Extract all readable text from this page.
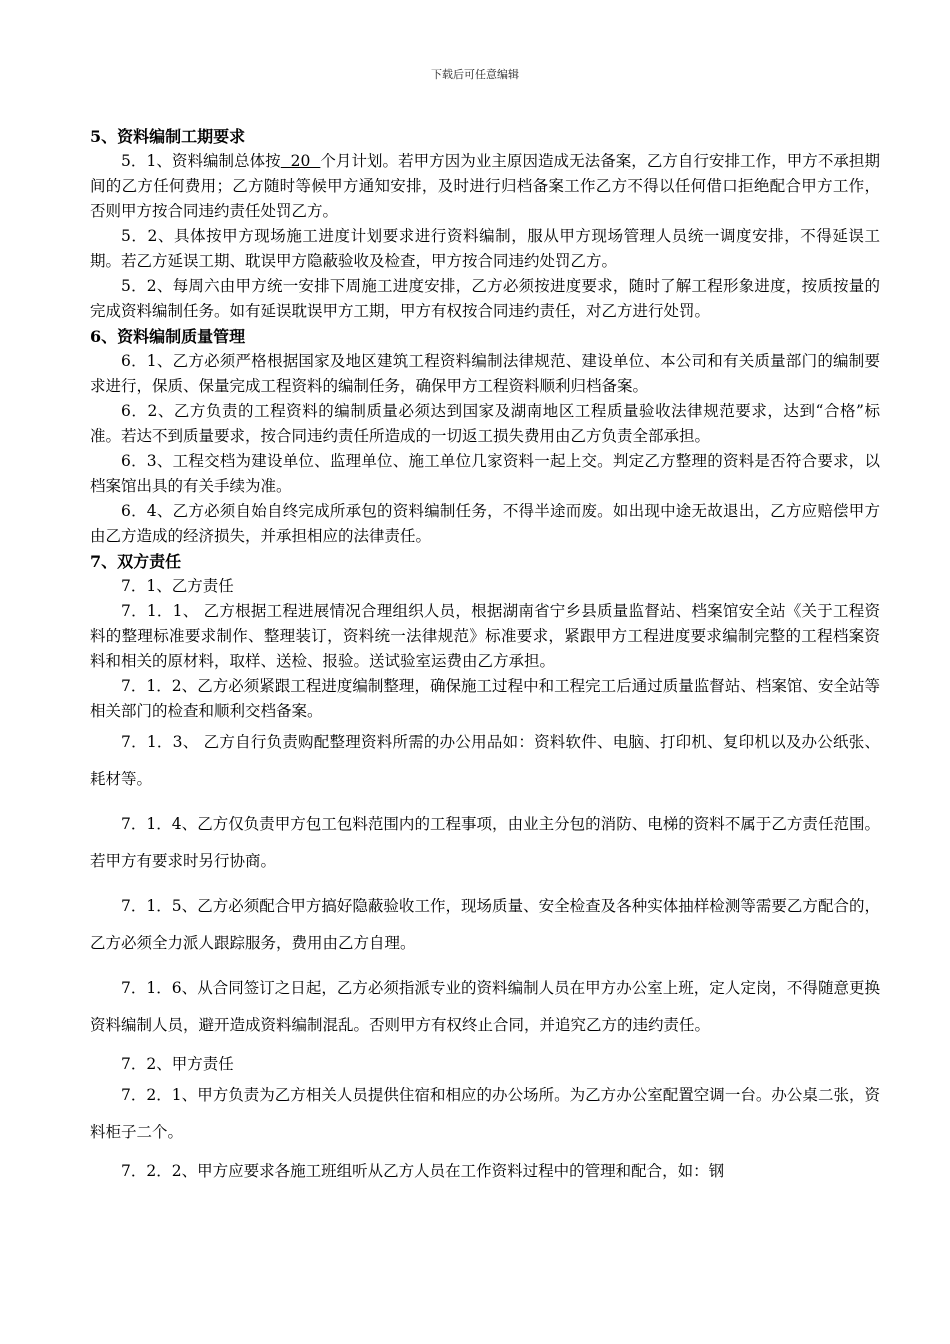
下载后可任意编辑
5、资料编制工期要求
5．1、资料编制总体按  20  个月计划。若甲方因为业主原因造成无法备案，乙方自行安排工作，甲方不承担期间的乙方任何费用；乙方随时等候甲方通知安排，及时进行归档备案工作乙方不得以任何借口拒绝配合甲方工作，否则甲方按合同违约责任处罚乙方。
5．2、具体按甲方现场施工进度计划要求进行资料编制，服从甲方现场管理人员统一调度安排，不得延误工期。若乙方延误工期、耽误甲方隐蔽验收及检查，甲方按合同违约处罚乙方。
5．2、每周六由甲方统一安排下周施工进度安排，乙方必须按进度要求，随时了解工程形象进度，按质按量的完成资料编制任务。如有延误耽误甲方工期，甲方有权按合同违约责任，对乙方进行处罚。
6、资料编制质量管理
6．1、乙方必须严格根据国家及地区建筑工程资料编制法律规范、建设单位、本公司和有关质量部门的编制要求进行，保质、保量完成工程资料的编制任务，确保甲方工程资料顺利归档备案。
6．2、乙方负责的工程资料的编制质量必须达到国家及湖南地区工程质量验收法律规范要求，达到“合格”标准。若达不到质量要求，按合同违约责任所造成的一切返工损失费用由乙方负责全部承担。
6．3、工程交档为建设单位、监理单位、施工单位几家资料一起上交。判定乙方整理的资料是否符合要求，以档案馆出具的有关手续为准。
6．4、乙方必须自始自终完成所承包的资料编制任务，不得半途而废。如出现中途无故退出，乙方应赔偿甲方由乙方造成的经济损失，并承担相应的法律责任。
7、双方责任
7．1、乙方责任
7．1．1、 乙方根据工程进展情况合理组织人员，根据湖南省宁乡县质量监督站、档案馆安全站《关于工程资料的整理标准要求制作、整理装订，资料统一法律规范》标准要求，紧跟甲方工程进度要求编制完整的工程档案资料和相关的原材料，取样、送检、报验。送试验室运费由乙方承担。
7．1．2、乙方必须紧跟工程进度编制整理，确保施工过程中和工程完工后通过质量监督站、档案馆、安全站等相关部门的检查和顺利交档备案。
7．1．3、 乙方自行负责购配整理资料所需的办公用品如：资料软件、电脑、打印机、复印机以及办公纸张、耗材等。
7．1．4、乙方仅负责甲方包工包料范围内的工程事项，由业主分包的消防、电梯的资料不属于乙方责任范围。若甲方有要求时另行协商。
7．1．5、乙方必须配合甲方搞好隐蔽验收工作，现场质量、安全检查及各种实体抽样检测等需要乙方配合的，乙方必须全力派人跟踪服务，费用由乙方自理。
7．1．6、从合同签订之日起，乙方必须指派专业的资料编制人员在甲方办公室上班，定人定岗，不得随意更换资料编制人员，避开造成资料编制混乱。否则甲方有权终止合同，并追究乙方的违约责任。
7．2、甲方责任
7．2．1、甲方负责为乙方相关人员提供住宿和相应的办公场所。为乙方办公室配置空调一台。办公桌二张，资料柜子二个。
7．2．2、甲方应要求各施工班组听从乙方人员在工作资料过程中的管理和配合，如：钢
